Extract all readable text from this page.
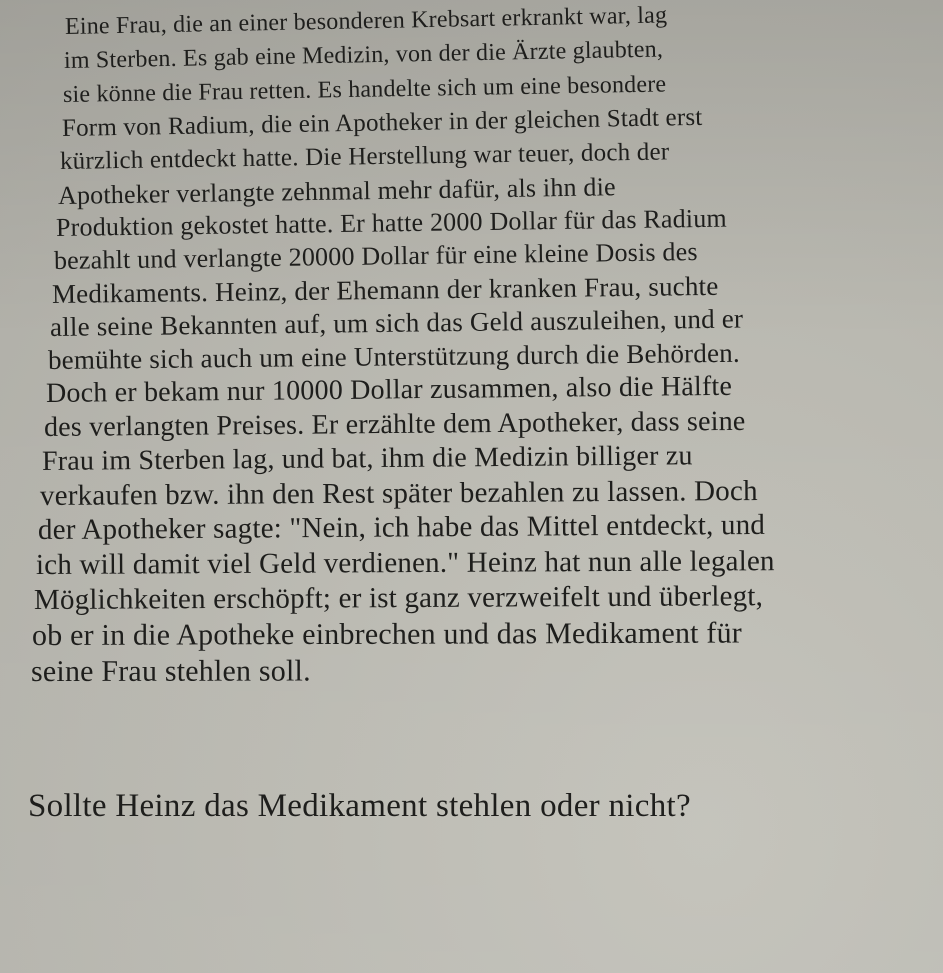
Eine Frau, die an einer besonderen Krebsart erkrankt war, lag
im Sterben. Es gab eine Medizin, von der die Ärzte glaubten,
sie könne die Frau retten. Es handelte sich um eine besondere
Form von Radium, die ein Apotheker in der gleichen Stadt erst
kürzlich entdeckt hatte. Die Herstellung war teuer, doch der
Apotheker verlangte zehnmal mehr dafür, als ihn die
Produktion gekostet hatte. Er hatte 2000 Dollar für das Radium
bezahlt und verlangte 20000 Dollar für eine kleine Dosis des
Medikaments. Heinz, der Ehemann der kranken Frau, suchte
alle seine Bekannten auf, um sich das Geld auszuleihen, und er
bemühte sich auch um eine Unterstützung durch die Behörden.
Doch er bekam nur 10000 Dollar zusammen, also die Hälfte
des verlangten Preises. Er erzählte dem Apotheker, dass seine
Frau im Sterben lag, und bat, ihm die Medizin billiger zu
verkaufen bzw. ihn den Rest später bezahlen zu lassen. Doch
der Apotheker sagte: "Nein, ich habe das Mittel entdeckt, und
ich will damit viel Geld verdienen." Heinz hat nun alle legalen
Möglichkeiten erschöpft; er ist ganz verzweifelt und überlegt,
ob er in die Apotheke einbrechen und das Medikament für
seine Frau stehlen soll.
Sollte Heinz das Medikament stehlen oder nicht?
